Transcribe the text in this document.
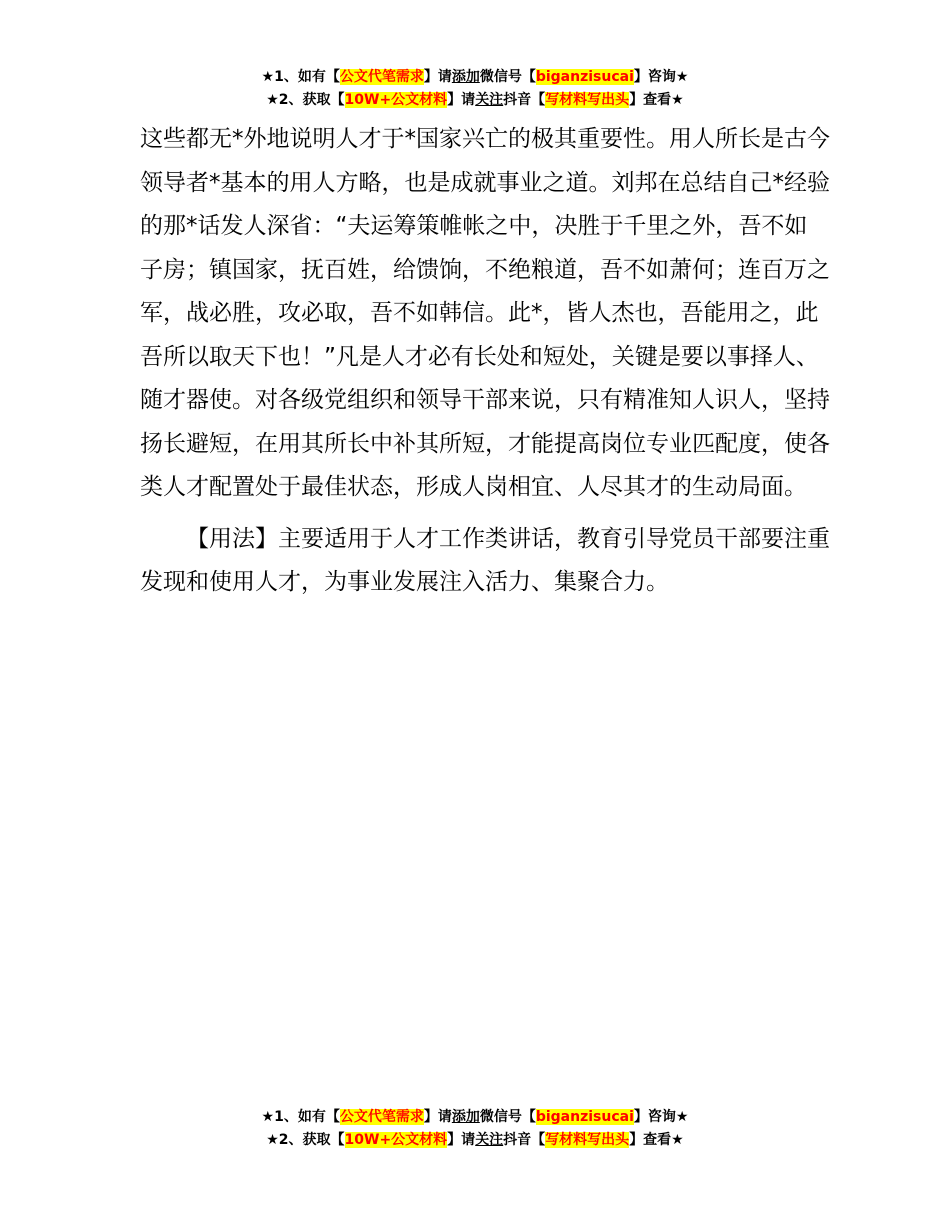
★1、如有【公文代笔需求】请添加微信号【biganzisucai】咨询★
★2、获取【10W+公文材料】请关注抖音【写材料写出头】查看★

这些都无*外地说明人才于*国家兴亡的极其重要性。用人所长是古今领导者*基本的用人方略，也是成就事业之道。刘邦在总结自己*经验的那*话发人深省：“夫运筹策帷帐之中，决胜于千里之外，吾不如子房；镇国家，抚百姓，给馈饷，不绝粮道，吾不如萧何；连百万之军，战必胜，攻必取，吾不如韩信。此*，皆人杰也，吾能用之，此吾所以取天下也！”凡是人才必有长处和短处，关键是要以事择人、随才器使。对各级党组织和领导干部来说，只有精准知人识人，坚持扬长避短，在用其所长中补其所短，才能提高岗位专业匹配度，使各类人才配置处于最佳状态，形成人岗相宜、人尽其才的生动局面。

【用法】主要适用于人才工作类讲话，教育引导党员干部要注重发现和使用人才，为事业发展注入活力、集聚合力。

★1、如有【公文代笔需求】请添加微信号【biganzisucai】咨询★
★2、获取【10W+公文材料】请关注抖音【写材料写出头】查看★
